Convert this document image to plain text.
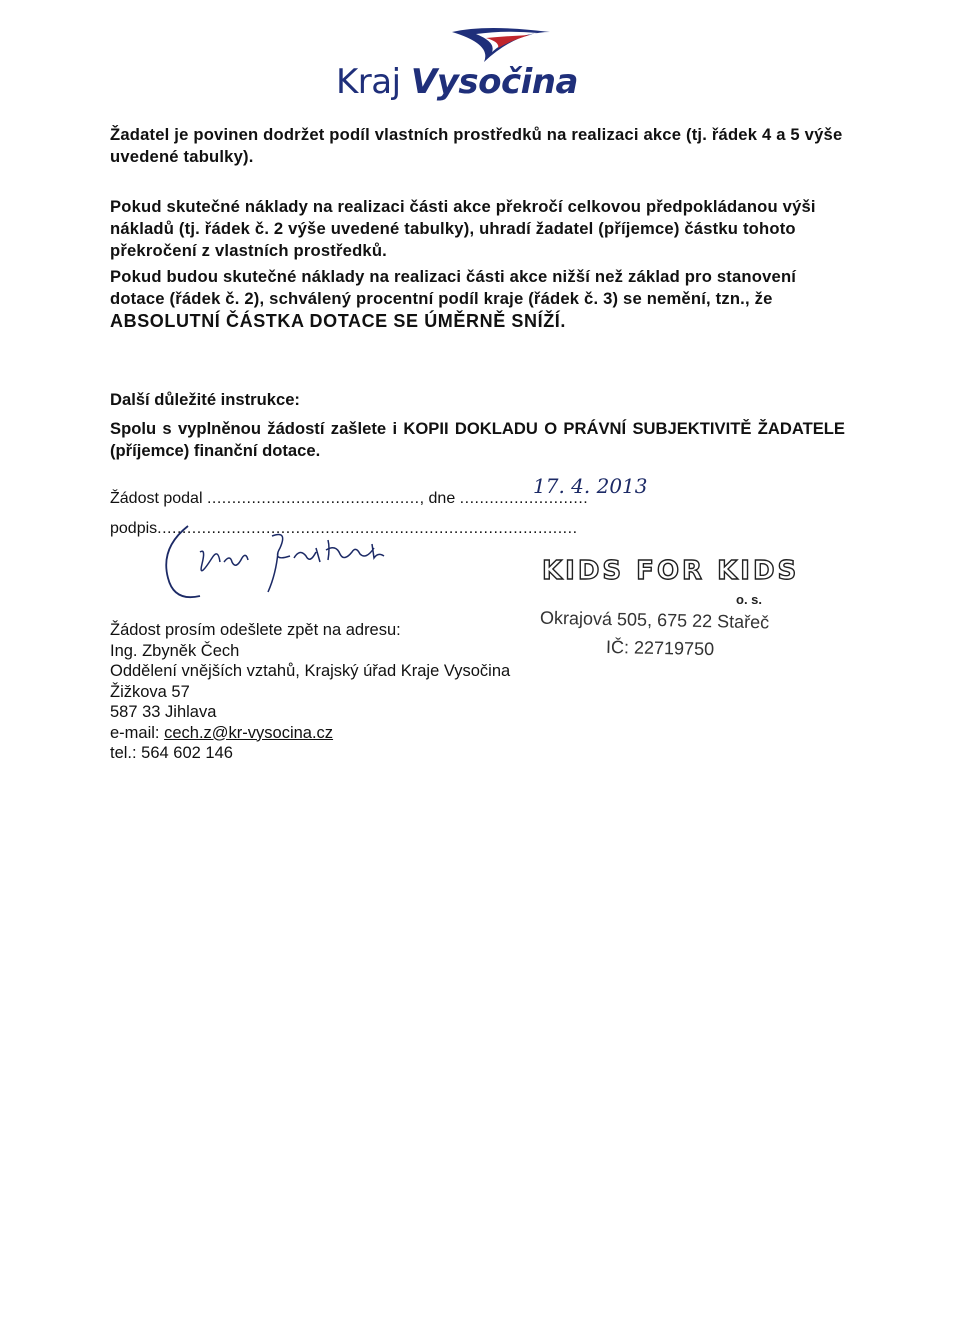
Kraj Vysočina

Žadatel je povinen dodržet podíl vlastních prostředků na realizaci akce (tj. řádek 4 a 5 výše uvedené tabulky).

Pokud skutečné náklady na realizaci části akce překročí celkovou předpokládanou výši nákladů (tj. řádek č. 2 výše uvedené tabulky), uhradí žadatel (příjemce) částku tohoto překročení z vlastních prostředků.

Pokud budou skutečné náklady na realizaci části akce nižší než základ pro stanovení dotace (řádek č. 2), schválený procentní podíl kraje (řádek č. 3) se nemění, tzn., že ABSOLUTNÍ ČÁSTKA DOTACE SE ÚMĚRNĚ SNÍŽÍ.

Další důležité instrukce:

Spolu s vyplněnou žádostí zašlete i KOPII DOKLADU O PRÁVNÍ SUBJEKTIVITĚ ŽADATELE (příjemce) finanční dotace.

Žádost podal ..........................................., dne ..........................
17. 4. 2013
podpis.....................................................................................
KIDS FOR KIDS
o. s.
Okrajová 505, 675 22 Stařeč
IČ: 22719750
Žádost prosím odešlete zpět na adresu:
Ing. Zbyněk Čech
Oddělení vnějších vztahů, Krajský úřad Kraje Vysočina
Žižkova 57
587 33 Jihlava
e-mail: cech.z@kr-vysocina.cz
tel.: 564 602 146
